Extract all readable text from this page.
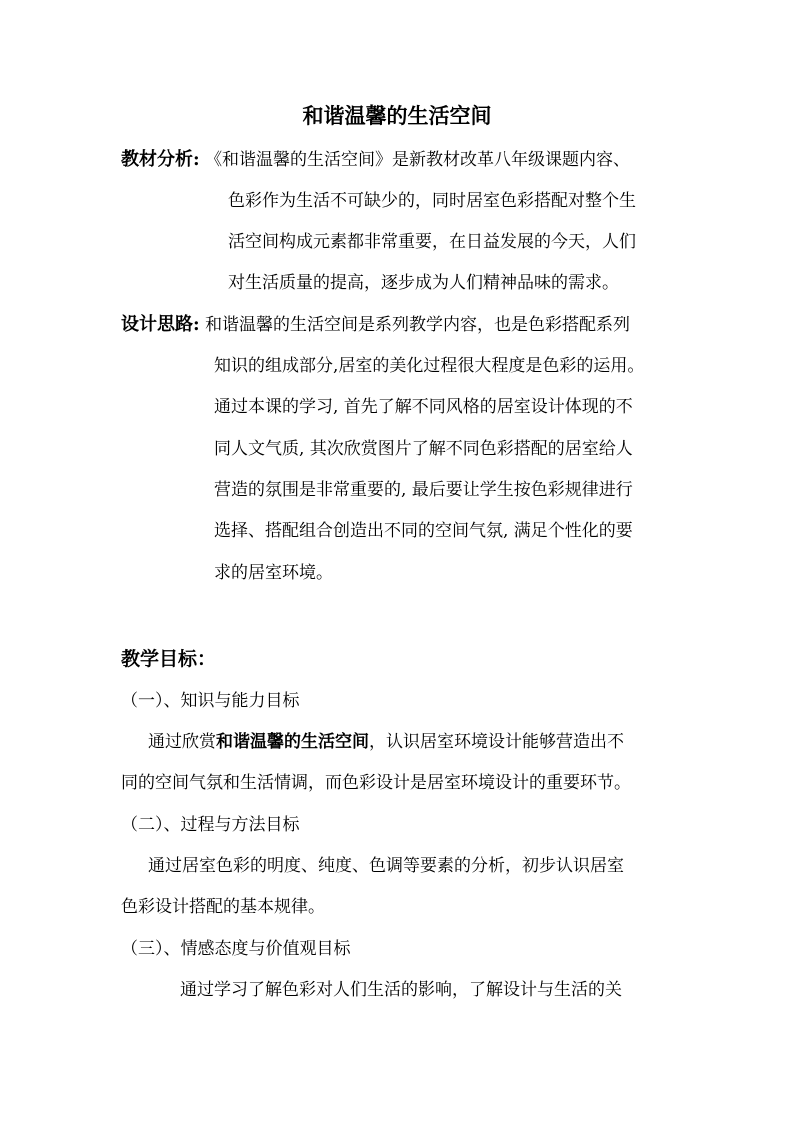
和谐温馨的生活空间
教材分析: 《和谐温馨的生活空间》是新教材改革八年级课题内容、
色彩作为生活不可缺少的，同时居室色彩搭配对整个生
活空间构成元素都非常重要，在日益发展的今天，人们
对生活质量的提高，逐步成为人们精神品味的需求。
设计思路: 和谐温馨的生活空间是系列教学内容，也是色彩搭配系列
知识的组成部分,居室的美化过程很大程度是色彩的运用。
通过本课的学习, 首先了解不同风格的居室设计体现的不
同人文气质, 其次欣赏图片了解不同色彩搭配的居室给人
营造的氛围是非常重要的, 最后要让学生按色彩规律进行
选择、搭配组合创造出不同的空间气氛, 满足个性化的要
求的居室环境。
教学目标：
（一）、知识与能力目标
通过欣赏和谐温馨的生活空间，认识居室环境设计能够营造出不
同的空间气氛和生活情调，而色彩设计是居室环境设计的重要环节。
（二）、过程与方法目标
通过居室色彩的明度、纯度、色调等要素的分析，初步认识居室
色彩设计搭配的基本规律。
（三）、情感态度与价值观目标
通过学习了解色彩对人们生活的影响，了解设计与生活的关
